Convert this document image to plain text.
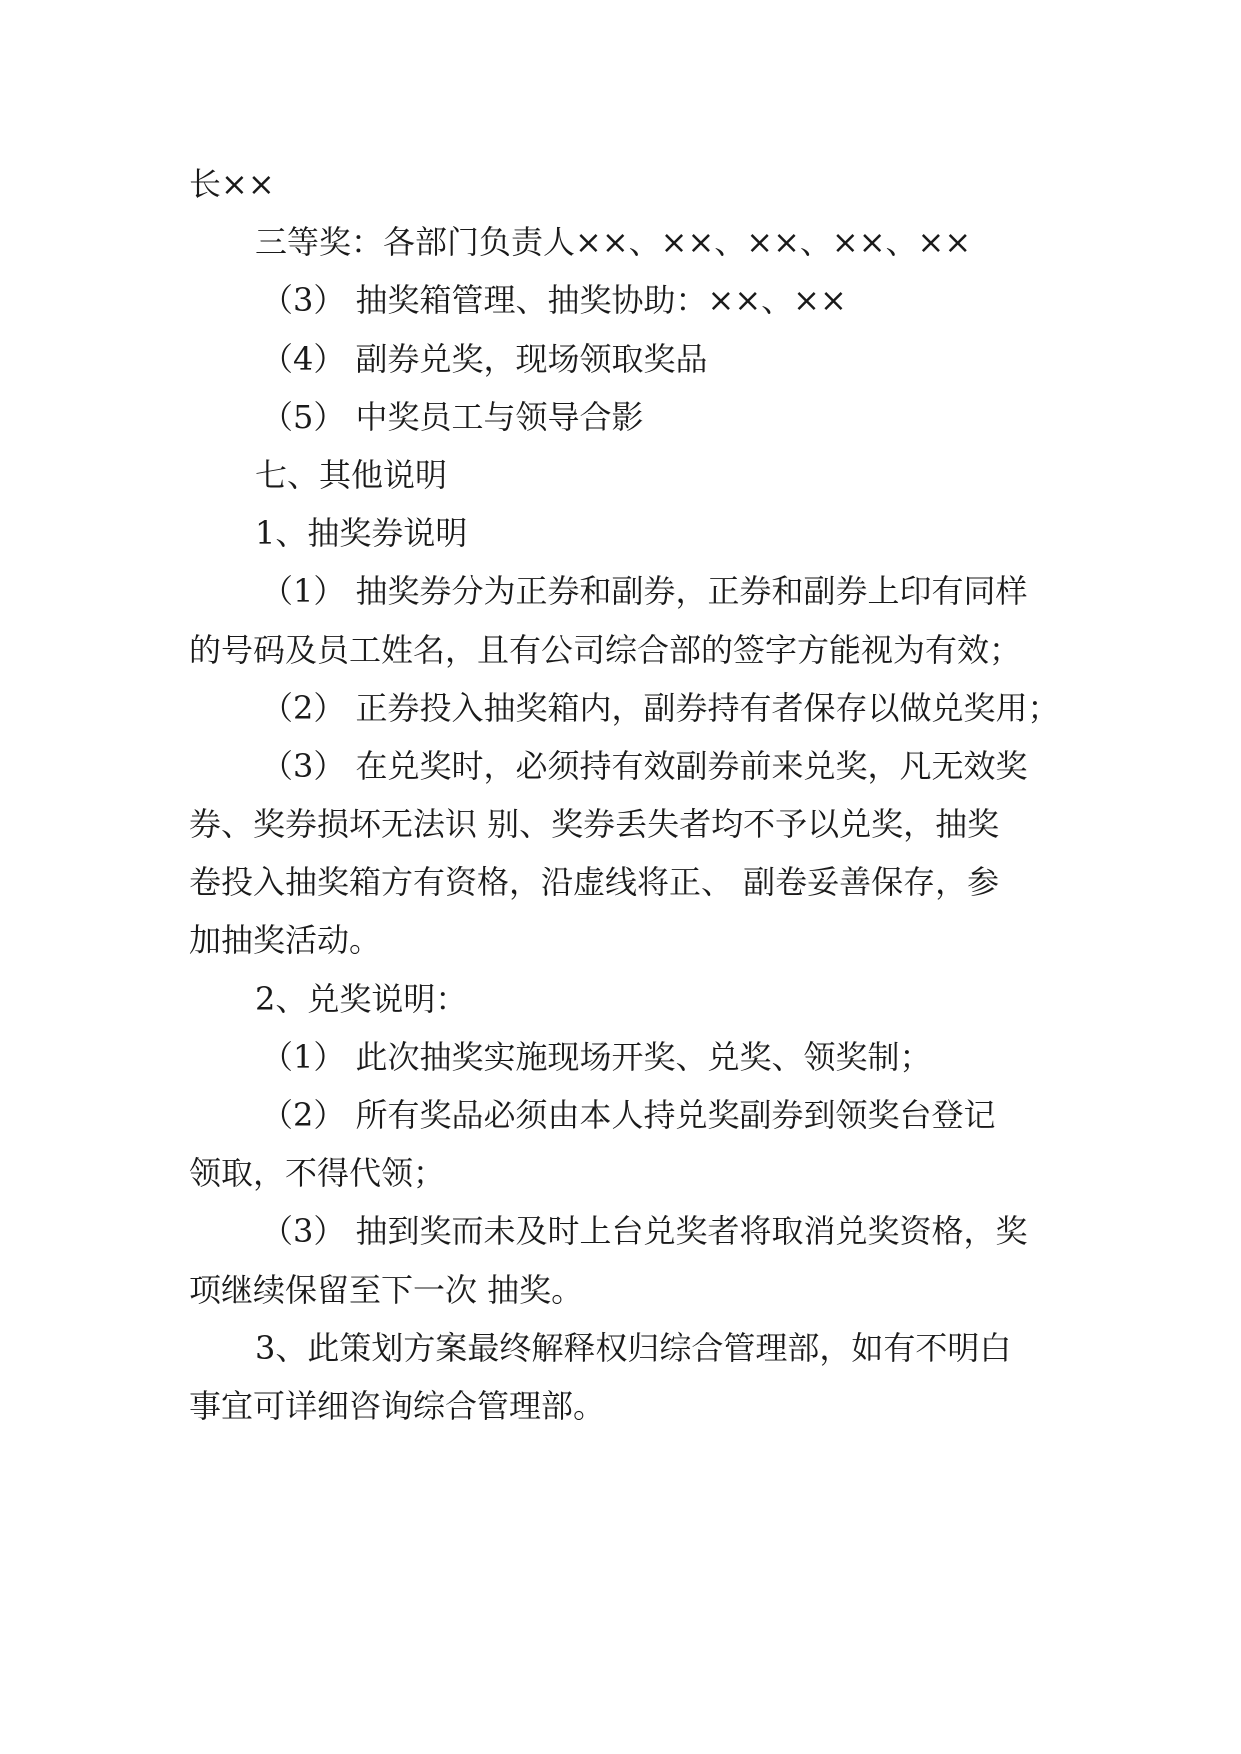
长××
三等奖：各部门负责人××、××、××、××、××
（3） 抽奖箱管理、抽奖协助：××、××
（4） 副券兑奖，现场领取奖品
（5） 中奖员工与领导合影
七、其他说明
1、抽奖券说明
（1） 抽奖券分为正券和副券，正券和副券上印有同样
的号码及员工姓名，且有公司综合部的签字方能视为有效；
（2） 正券投入抽奖箱内，副券持有者保存以做兑奖用；
（3） 在兑奖时，必须持有效副券前来兑奖，凡无效奖
券、奖券损坏无法识 别、奖券丢失者均不予以兑奖，抽奖
卷投入抽奖箱方有资格，沿虚线将正、 副卷妥善保存，参
加抽奖活动。
2、兑奖说明：
（1） 此次抽奖实施现场开奖、兑奖、领奖制；
（2） 所有奖品必须由本人持兑奖副券到领奖台登记
领取，不得代领；
（3） 抽到奖而未及时上台兑奖者将取消兑奖资格，奖
项继续保留至下一次 抽奖。
3、此策划方案最终解释权归综合管理部，如有不明白
事宜可详细咨询综合管理部。
